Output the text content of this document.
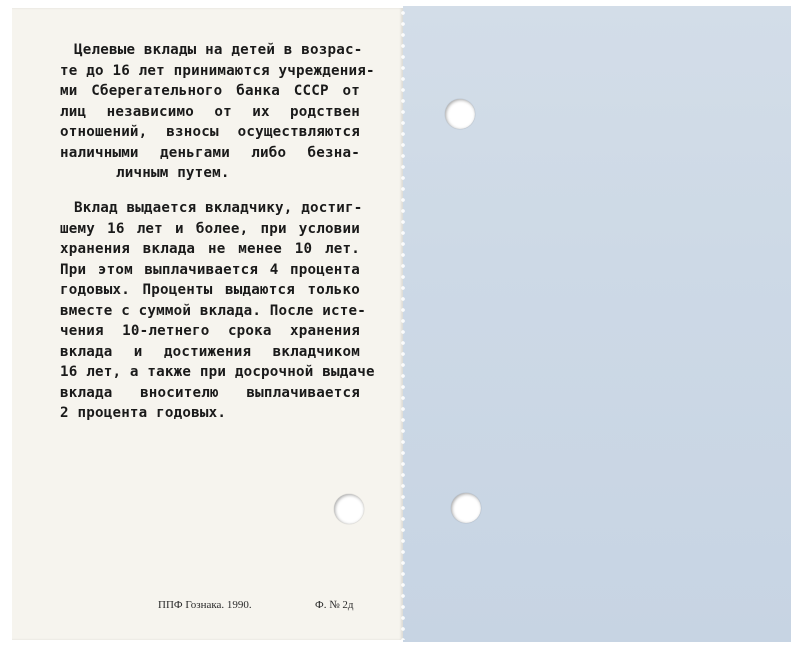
Целевые вклады на детей в возрас-
те до 16 лет принимаются учреждения-
ми Сберегательного банка СССР от
лиц независимо от их родствен
отношений, взносы осуществляются
наличными деньгами либо безна-
личным путем.
Вклад выдается вкладчику, достиг-
шему 16 лет и более, при условии
хранения вклада не менее 10 лет.
При этом выплачивается 4 процента
годовых. Проценты выдаются только
вместе с суммой вклада. После исте-
чения 10-летнего срока хранения
вклада и достижения вкладчиком
16 лет, а также при досрочной выдаче
вклада вносителю выплачивается
2 процента годовых.
ППФ Гознака. 1990.	Ф. № 2д
